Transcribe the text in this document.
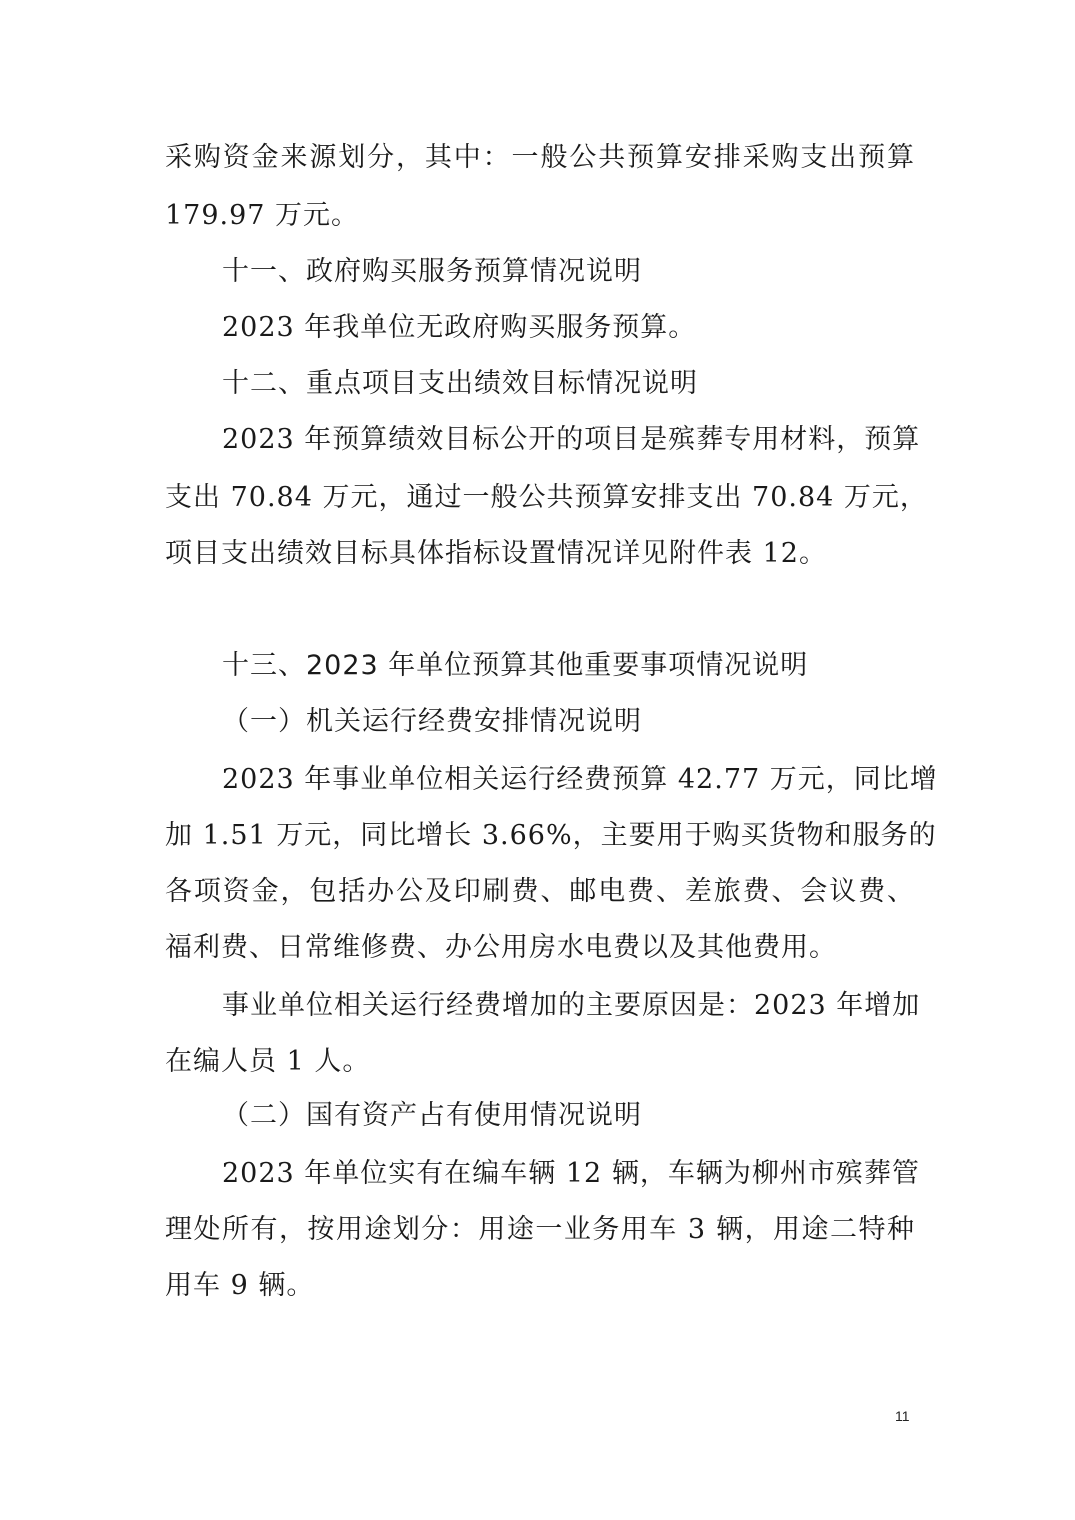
采购资金来源划分，其中：一般公共预算安排采购支出预算
179.97 万元。
十一、政府购买服务预算情况说明
2023 年我单位无政府购买服务预算。
十二、重点项目支出绩效目标情况说明
2023 年预算绩效目标公开的项目是殡葬专用材料，预算
支出 70.84 万元，通过一般公共预算安排支出 70.84 万元，
项目支出绩效目标具体指标设置情况详见附件表 12。
十三、2023 年单位预算其他重要事项情况说明
（一）机关运行经费安排情况说明
2023 年事业单位相关运行经费预算 42.77 万元，同比增
加 1.51 万元，同比增长 3.66%，主要用于购买货物和服务的
各项资金，包括办公及印刷费、邮电费、差旅费、会议费、
福利费、日常维修费、办公用房水电费以及其他费用。
事业单位相关运行经费增加的主要原因是：2023 年增加
在编人员 1 人。
（二）国有资产占有使用情况说明
2023 年单位实有在编车辆 12 辆，车辆为柳州市殡葬管
理处所有，按用途划分：用途一业务用车 3 辆，用途二特种
用车 9 辆。
11
